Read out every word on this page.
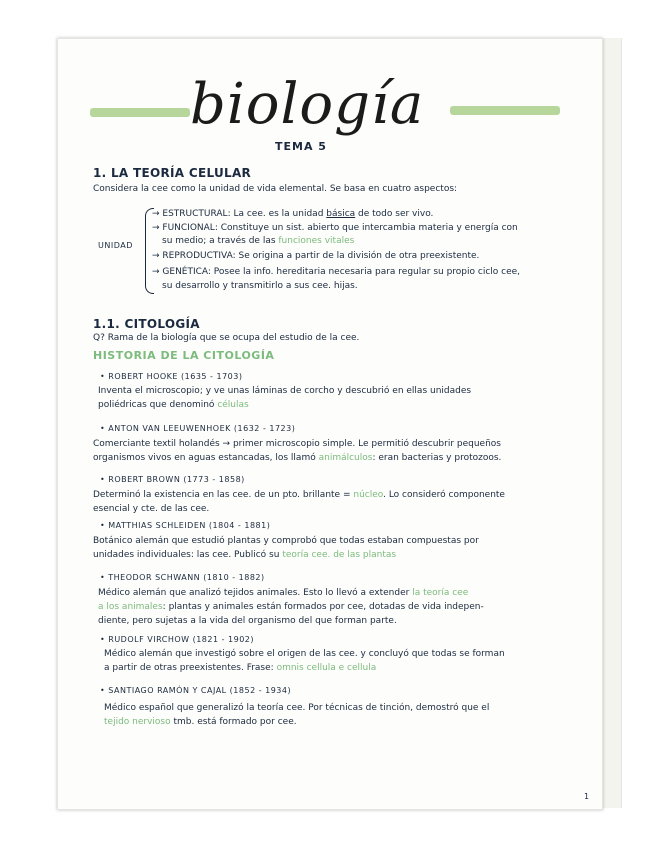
biología
TEMA 5
1. LA TEORÍA CELULAR
Considera la cee como la unidad de vida elemental. Se basa en cuatro aspectos:
UNIDAD
→ ESTRUCTURAL: La cee. es la unidad básica de todo ser vivo.
→ FUNCIONAL: Constituye un sist. abierto que intercambia materia y energía con
su medio; a través de las funciones vitales
→ REPRODUCTIVA: Se origina a partir de la división de otra preexistente.
→ GENÉTICA: Posee la info. hereditaria necesaria para regular su propio ciclo cee,
su desarrollo y transmitirlo a sus cee. hijas.
1.1. CITOLOGÍA
Q? Rama de la biología que se ocupa del estudio de la cee.
HISTORIA DE LA CITOLOGÍA
• ROBERT HOOKE (1635 - 1703)
Inventa el microscopio; y ve unas láminas de corcho y descubrió en ellas unidades
poliédricas que denominó células
• ANTON VAN LEEUWENHOEK (1632 - 1723)
Comerciante textil holandés → primer microscopio simple. Le permitió descubrir pequeños
organismos vivos en aguas estancadas, los llamó animálculos: eran bacterias y protozoos.
• ROBERT BROWN (1773 - 1858)
Determinó la existencia en las cee. de un pto. brillante = núcleo. Lo consideró componente
esencial y cte. de las cee.
• MATTHIAS SCHLEIDEN (1804 - 1881)
Botánico alemán que estudió plantas y comprobó que todas estaban compuestas por
unidades individuales: las cee. Publicó su teoría cee. de las plantas
• THEODOR SCHWANN (1810 - 1882)
Médico alemán que analizó tejidos animales. Esto lo llevó a extender la teoría cee
a los animales: plantas y animales están formados por cee, dotadas de vida indepen-
diente, pero sujetas a la vida del organismo del que forman parte.
• RUDOLF VIRCHOW (1821 - 1902)
Médico alemán que investigó sobre el origen de las cee. y concluyó que todas se forman
a partir de otras preexistentes. Frase: omnis cellula e cellula
• SANTIAGO RAMÓN Y CAJAL (1852 - 1934)
Médico español que generalizó la teoría cee. Por técnicas de tinción, demostró que el
tejido nervioso tmb. está formado por cee.
1
